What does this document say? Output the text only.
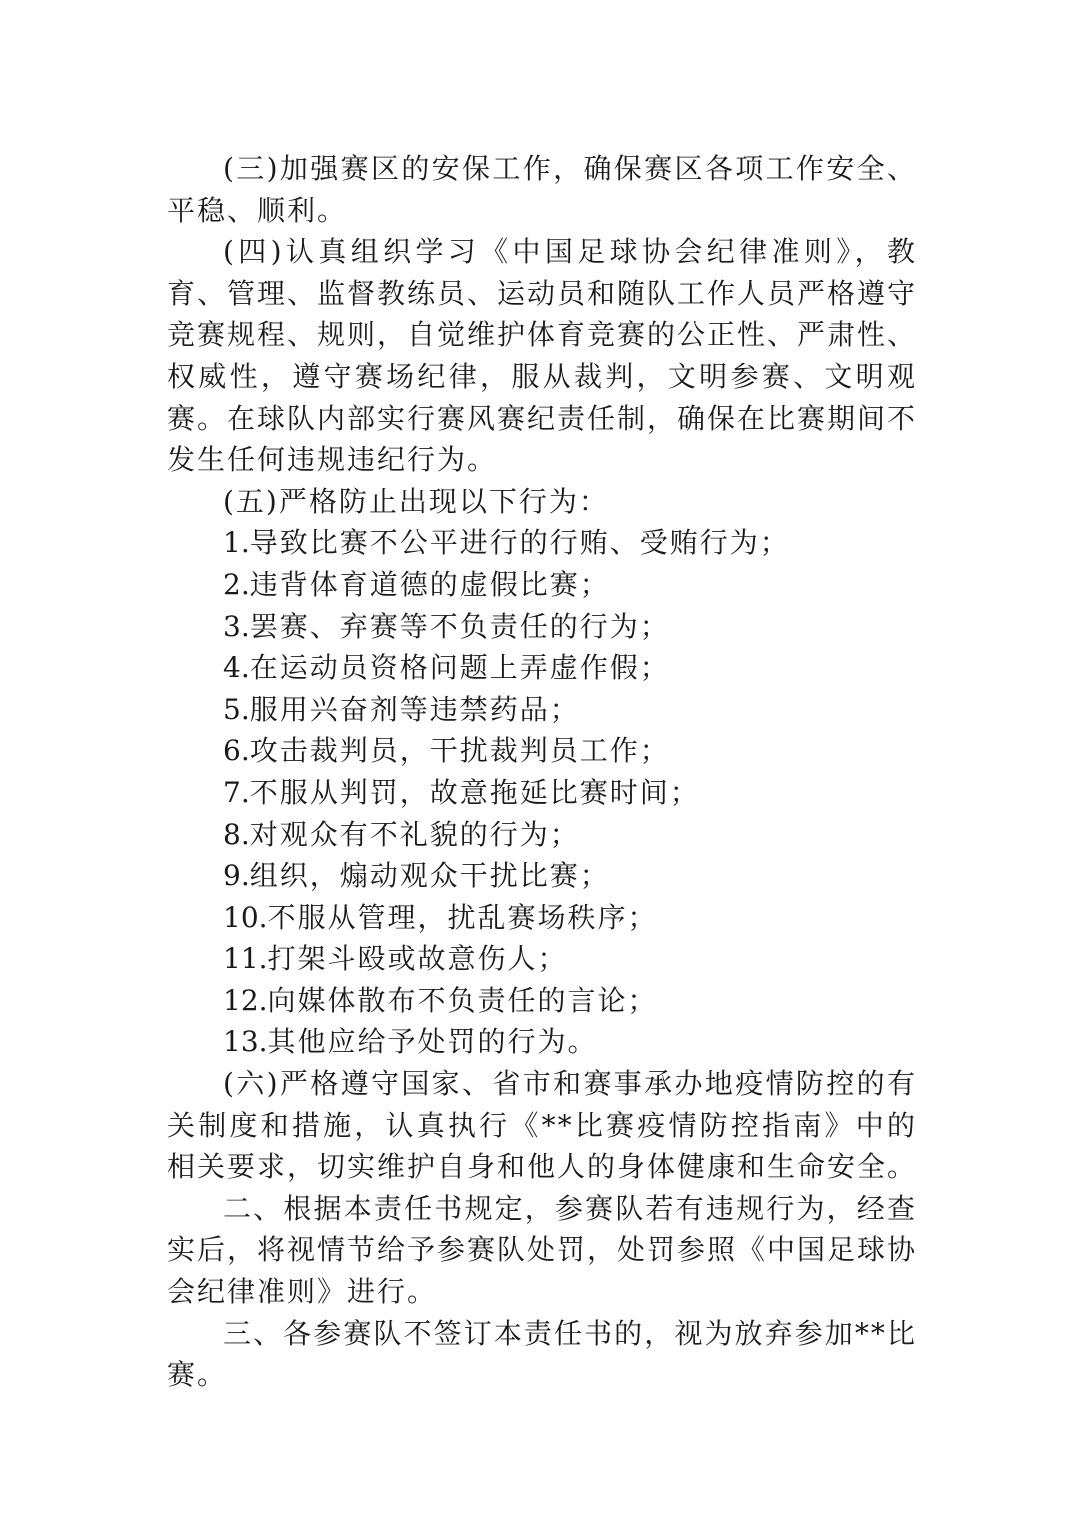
(三)加强赛区的安保工作，确保赛区各项工作安全、平稳、顺利。

(四)认真组织学习《中国足球协会纪律准则》，教育、管理、监督教练员、运动员和随队工作人员严格遵守竞赛规程、规则，自觉维护体育竞赛的公正性、严肃性、权威性，遵守赛场纪律，服从裁判，文明参赛、文明观赛。在球队内部实行赛风赛纪责任制，确保在比赛期间不发生任何违规违纪行为。

(五)严格防止出现以下行为：

1.导致比赛不公平进行的行贿、受贿行为；

2.违背体育道德的虚假比赛；

3.罢赛、弃赛等不负责任的行为；

4.在运动员资格问题上弄虚作假；

5.服用兴奋剂等违禁药品；

6.攻击裁判员，干扰裁判员工作；

7.不服从判罚，故意拖延比赛时间；

8.对观众有不礼貌的行为；

9.组织，煽动观众干扰比赛；

10.不服从管理，扰乱赛场秩序；

11.打架斗殴或故意伤人；

12.向媒体散布不负责任的言论；

13.其他应给予处罚的行为。

(六)严格遵守国家、省市和赛事承办地疫情防控的有关制度和措施，认真执行《**比赛疫情防控指南》中的相关要求，切实维护自身和他人的身体健康和生命安全。

二、根据本责任书规定，参赛队若有违规行为，经查实后，将视情节给予参赛队处罚，处罚参照《中国足球协会纪律准则》进行。

三、各参赛队不签订本责任书的，视为放弃参加**比赛。
